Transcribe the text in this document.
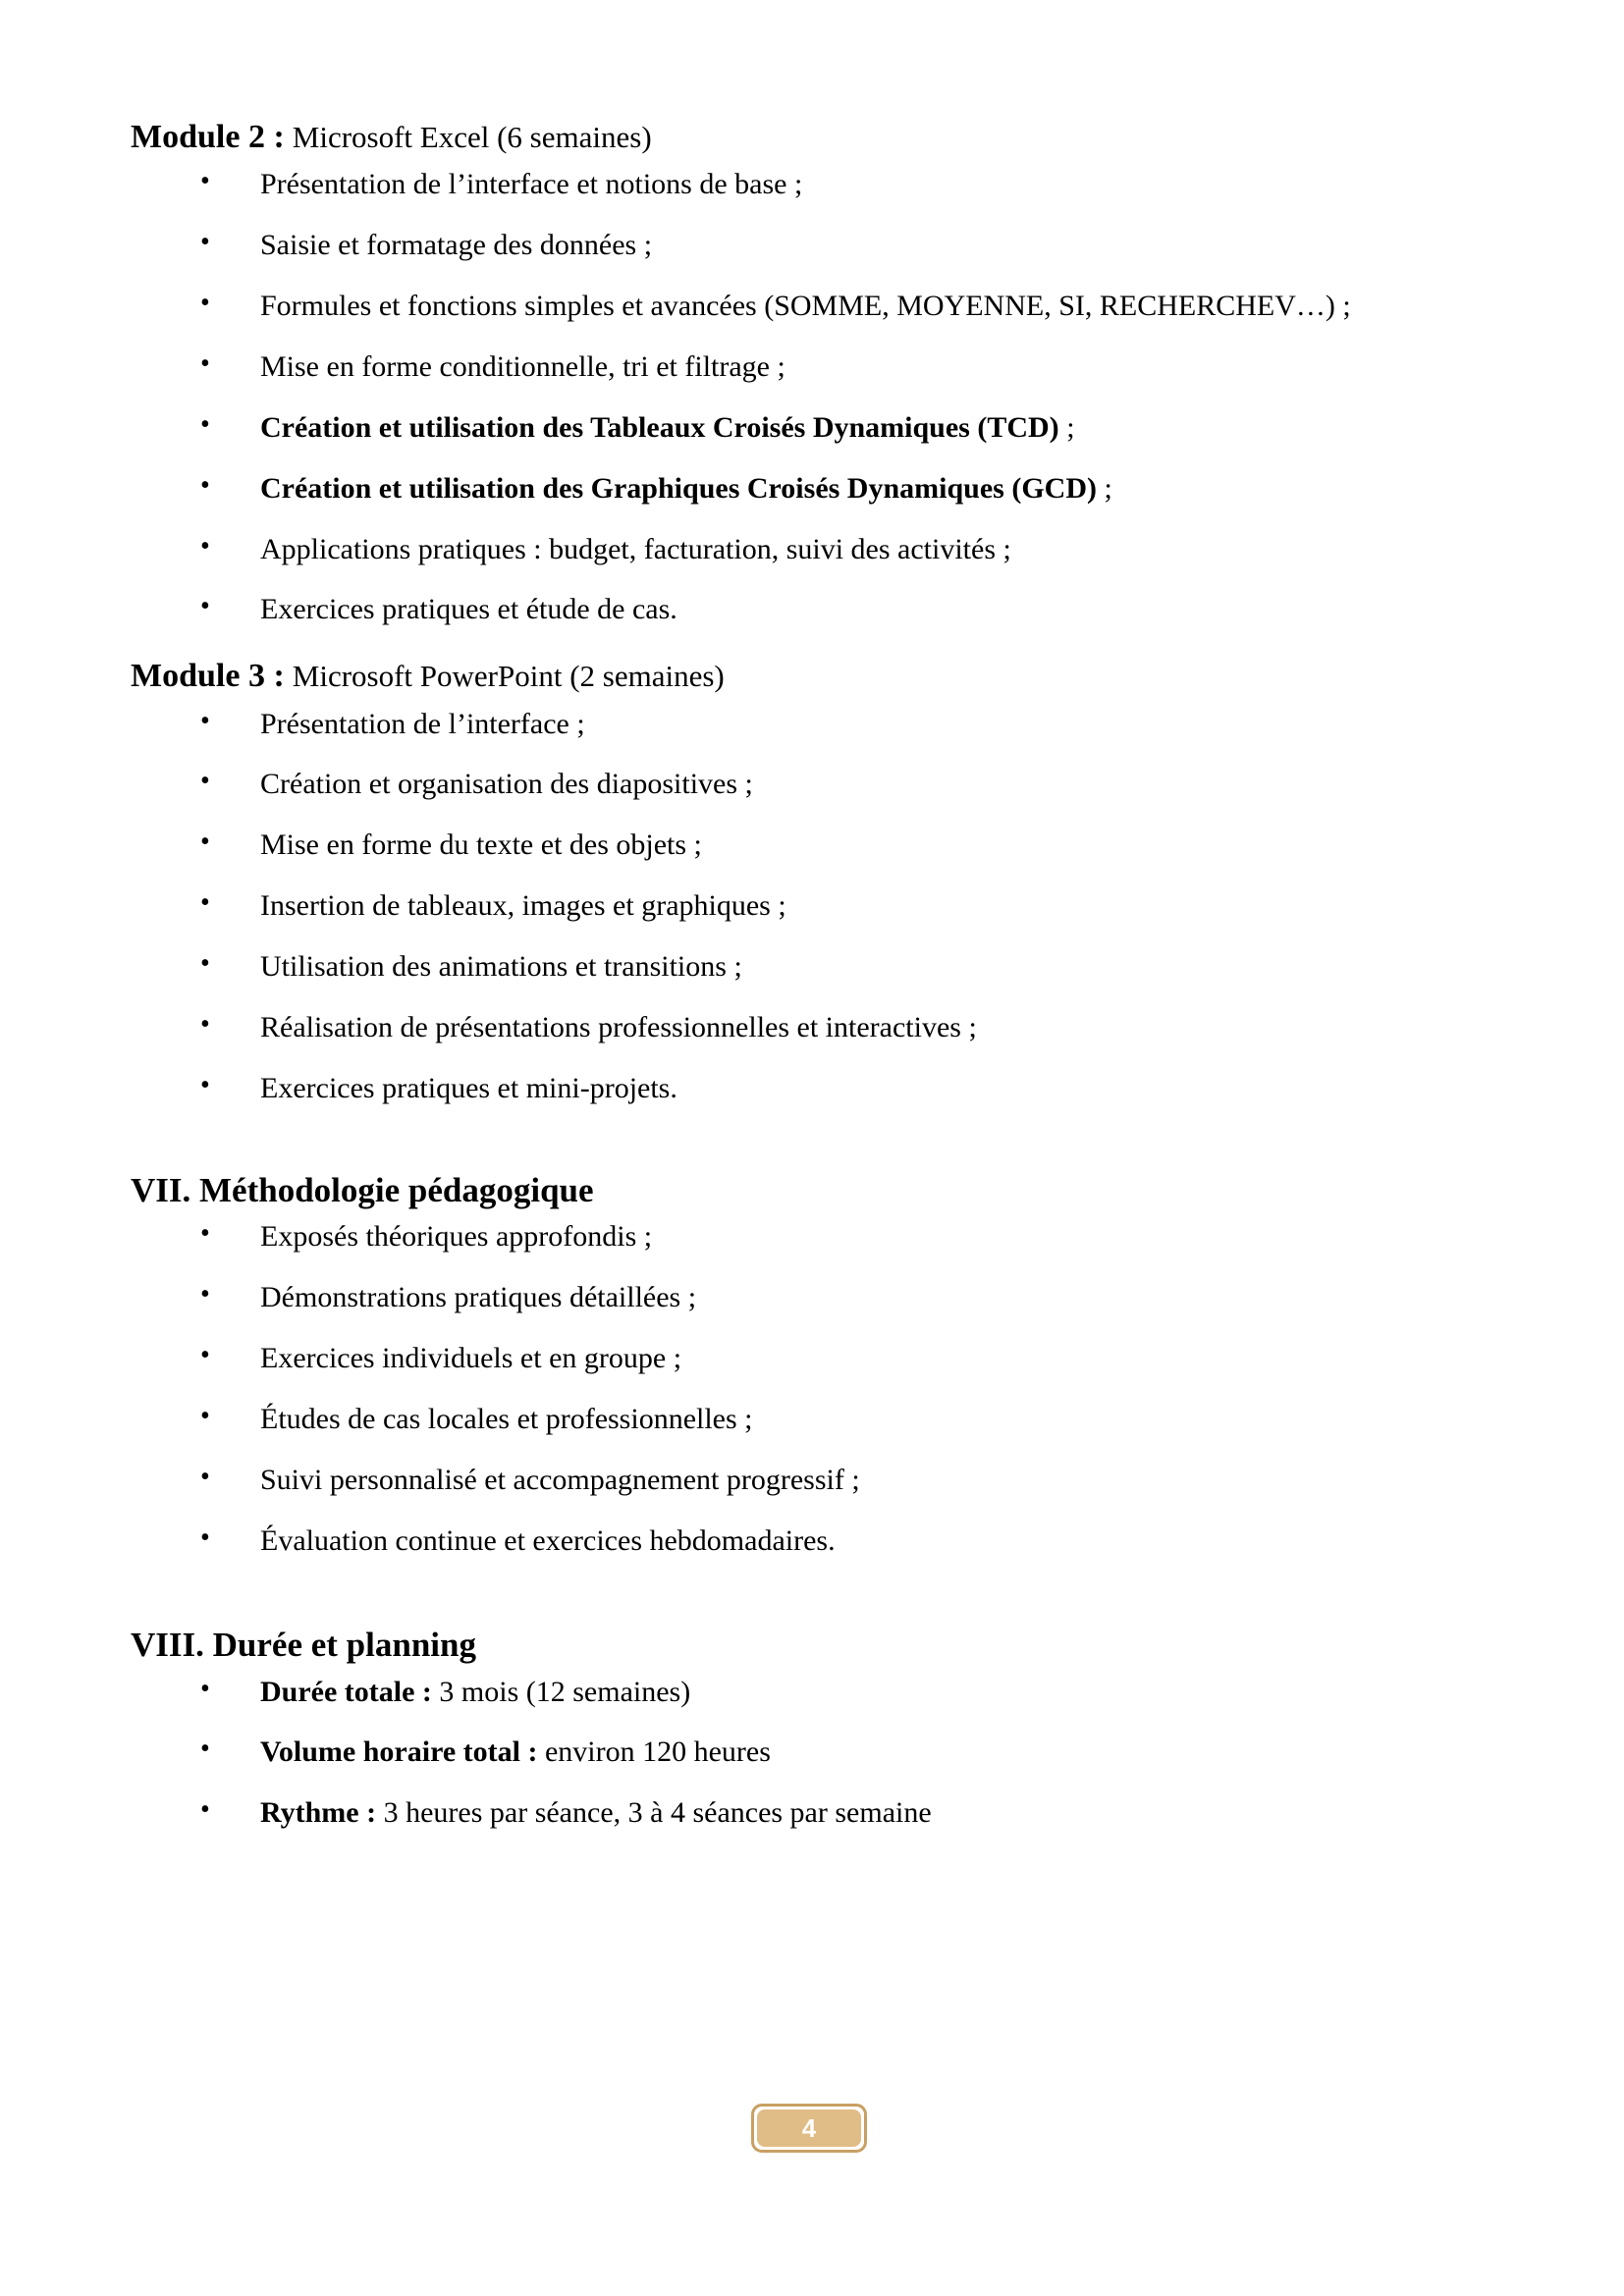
Module 2 : Microsoft Excel (6 semaines)

• Présentation de l’interface et notions de base ;
• Saisie et formatage des données ;
• Formules et fonctions simples et avancées (SOMME, MOYENNE, SI, RECHERCHEV…) ;
• Mise en forme conditionnelle, tri et filtrage ;
• Création et utilisation des Tableaux Croisés Dynamiques (TCD) ;
• Création et utilisation des Graphiques Croisés Dynamiques (GCD) ;
• Applications pratiques : budget, facturation, suivi des activités ;
• Exercices pratiques et étude de cas.

Module 3 : Microsoft PowerPoint (2 semaines)

• Présentation de l’interface ;
• Création et organisation des diapositives ;
• Mise en forme du texte et des objets ;
• Insertion de tableaux, images et graphiques ;
• Utilisation des animations et transitions ;
• Réalisation de présentations professionnelles et interactives ;
• Exercices pratiques et mini-projets.
VII. Méthodologie pédagogique
• Exposés théoriques approfondis ;
• Démonstrations pratiques détaillées ;
• Exercices individuels et en groupe ;
• Études de cas locales et professionnelles ;
• Suivi personnalisé et accompagnement progressif ;
• Évaluation continue et exercices hebdomadaires.
VIII. Durée et planning
• Durée totale : 3 mois (12 semaines)
• Volume horaire total : environ 120 heures
• Rythme : 3 heures par séance, 3 à 4 séances par semaine
4
